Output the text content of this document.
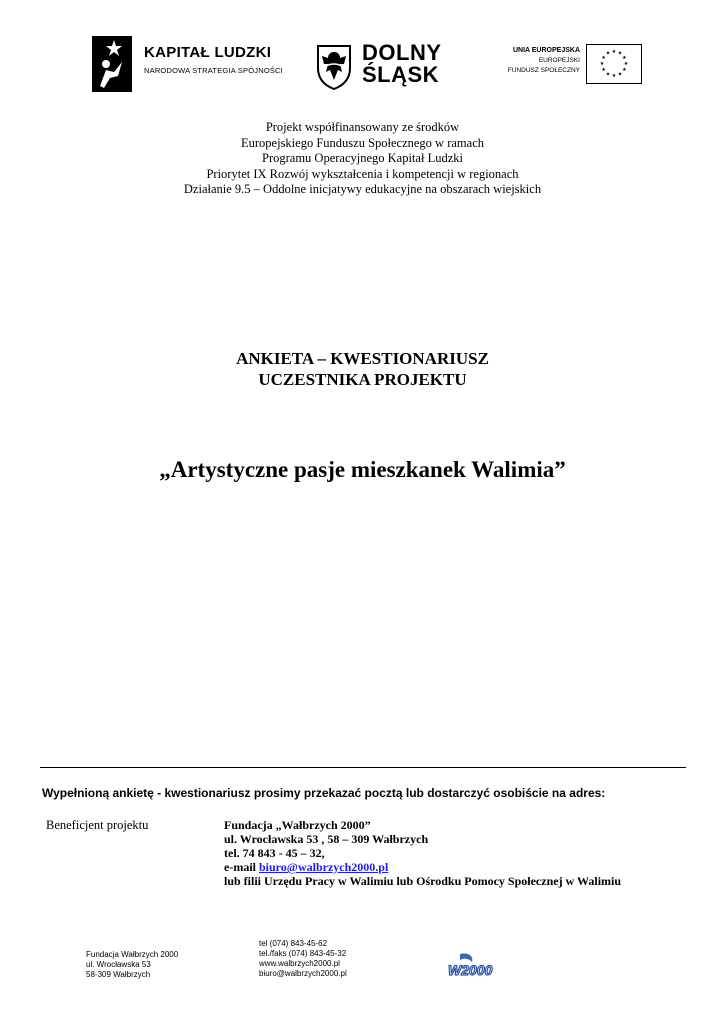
KAPITAŁ LUDZKI
NARODOWA STRATEGIA SPÓJNOŚCI
DOLNY
ŚLĄSK
UNIA EUROPEJSKA
EUROPEJSKI
FUNDUSZ SPOŁECZNY
★ ★
★
★
★
★
★
★
★
★
★
★
Projekt współfinansowany ze środków
Europejskiego Funduszu Społecznego w ramach
Programu Operacyjnego Kapitał Ludzki
Priorytet IX Rozwój wykształcenia i kompetencji w regionach
Działanie 9.5 – Oddolne inicjatywy edukacyjne na obszarach wiejskich
ANKIETA – KWESTIONARIUSZ
UCZESTNIKA PROJEKTU
„Artystyczne pasje mieszkanek Walimia”
Wypełnioną ankietę - kwestionariusz prosimy przekazać pocztą lub dostarczyć osobiście na adres:
Beneficjent projektu	Fundacja „Wałbrzych 2000”
ul. Wrocławska 53 , 58 – 309 Wałbrzych
tel. 74 843 - 45 – 32,
e-mail biuro@walbrzych2000.pl
lub filii Urzędu Pracy w Walimiu lub Ośrodku Pomocy Społecznej w Walimiu
Fundacja Wałbrzych 2000
ul. Wrocławska 53
58-309 Wałbrzych
tel (074) 843-45-62
tel./faks (074) 843-45-32
www.walbrzych2000.pl
biuro@walbrzych2000.pl	W2000
